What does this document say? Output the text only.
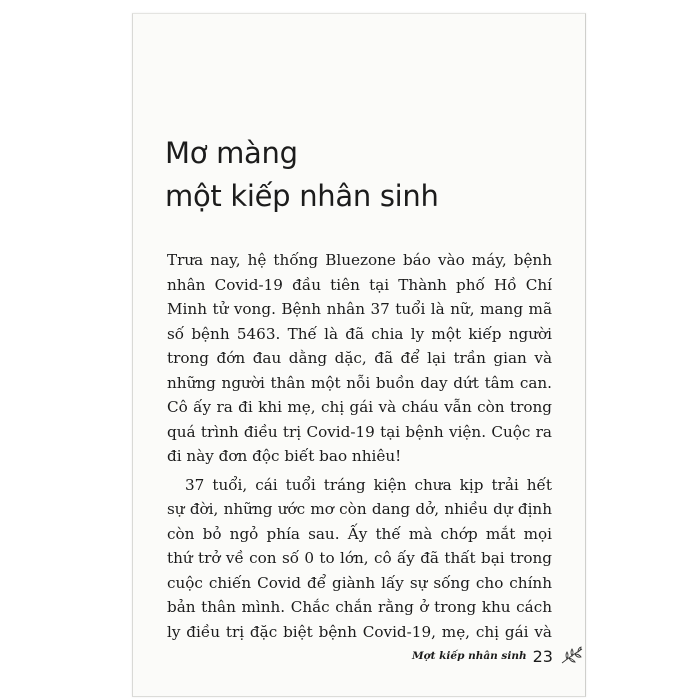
Mơ màng
một kiếp nhân sinh
Trưa nay, hệ thống Bluezone báo vào máy, bệnh
nhân Covid-19 đầu tiên tại Thành phố Hồ Chí
Minh tử vong. Bệnh nhân 37 tuổi là nữ, mang mã
số bệnh 5463. Thế là đã chia ly một kiếp người
trong đớn đau dằng dặc, đã để lại trần gian và
những người thân một nỗi buồn day dứt tâm can.
Cô ấy ra đi khi mẹ, chị gái và cháu vẫn còn trong
quá trình điều trị Covid-19 tại bệnh viện. Cuộc ra
đi này đơn độc biết bao nhiêu!
37 tuổi, cái tuổi tráng kiện chưa kịp trải hết
sự đời, những ước mơ còn dang dở, nhiều dự định
còn bỏ ngỏ phía sau. Ấy thế mà chớp mắt mọi
thứ trở về con số 0 to lớn, cô ấy đã thất bại trong
cuộc chiến Covid để giành lấy sự sống cho chính
bản thân mình. Chắc chắn rằng ở trong khu cách
ly điều trị đặc biệt bệnh Covid-19, mẹ, chị gái và
Mợt kiếp nhân sinh 23
